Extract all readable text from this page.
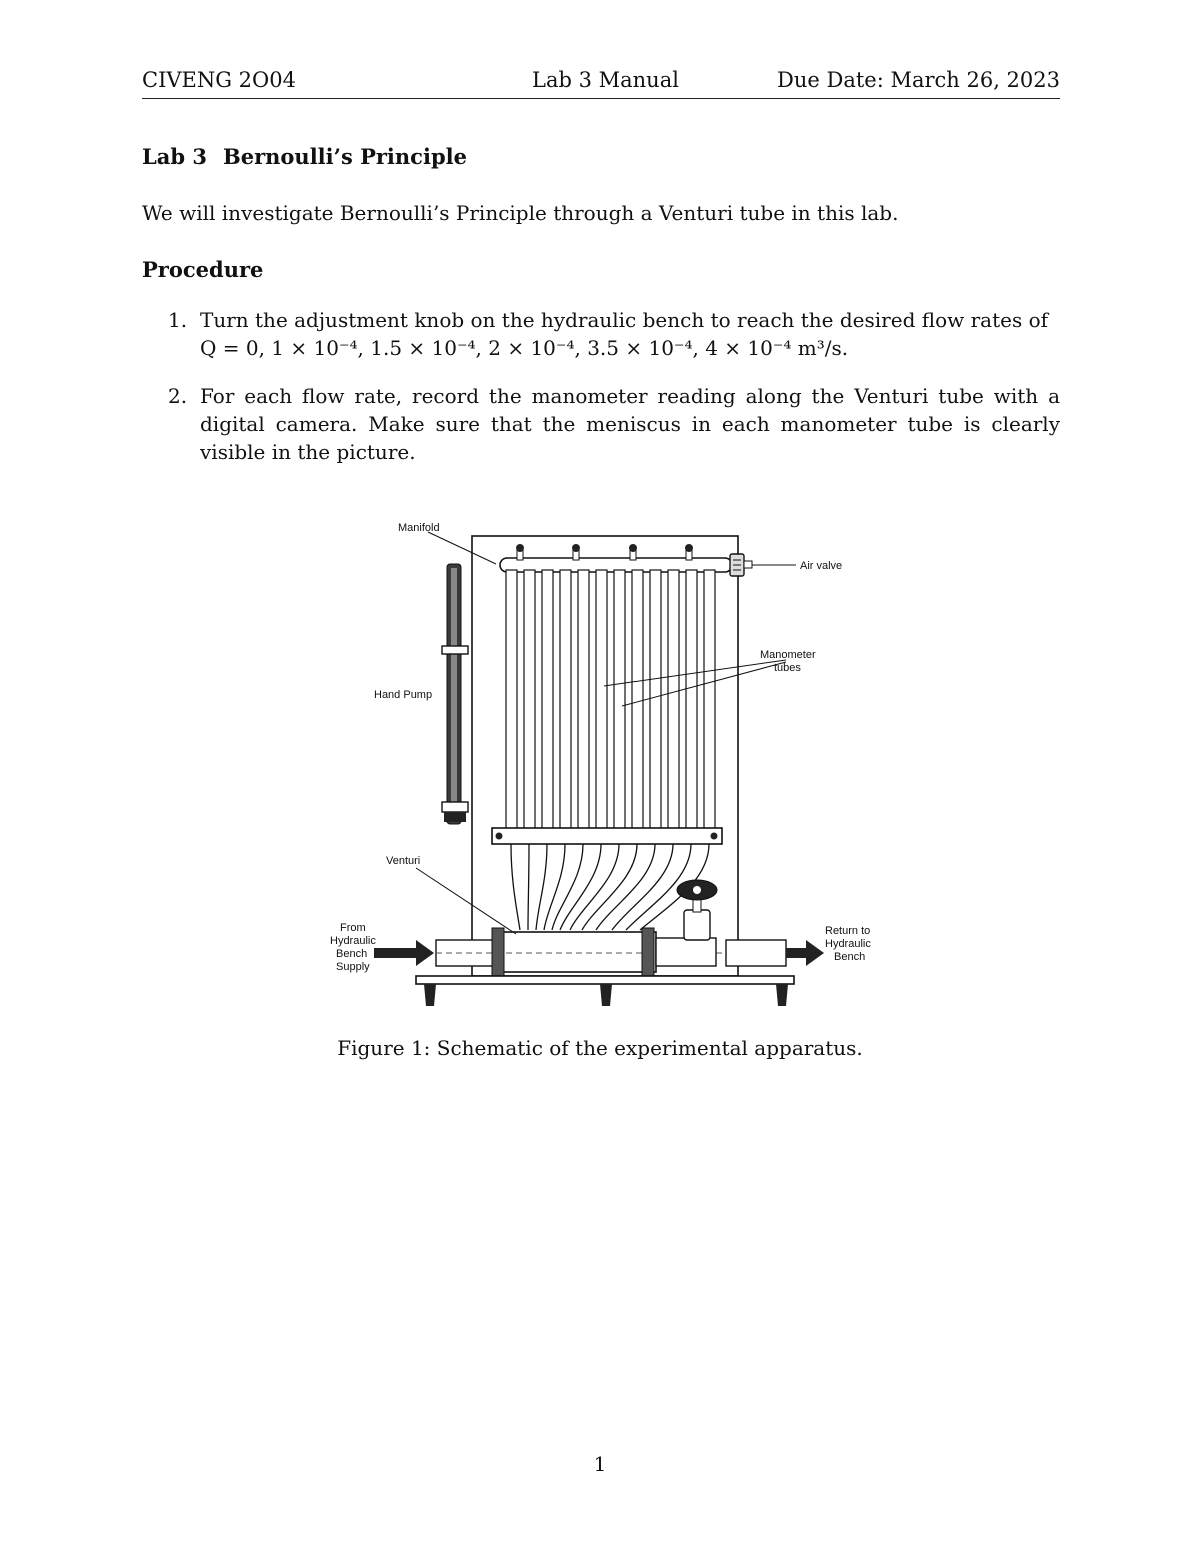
CIVENG 2O04	Lab 3 Manual	Due Date: March 26, 2023
Lab 3 Bernoulli’s Principle
We will investigate Bernoulli’s Principle through a Venturi tube in this lab.
Procedure
1. Turn the adjustment knob on the hydraulic bench to reach the desired flow rates of
Q = 0, 1 × 10⁻⁴, 1.5 × 10⁻⁴, 2 × 10⁻⁴, 3.5 × 10⁻⁴, 4 × 10⁻⁴ m³/s.

2. For each flow rate, record the manometer reading along the Venturi tube with a digital camera. Make sure that the meniscus in each manometer tube is clearly visible in the picture.

Manifold
Air valve
Manometer
tubes
Hand Pump
Venturi
From
Hydraulic
Bench
Supply
Return to
Hydraulic
Bench
Figure 1: Schematic of the experimental apparatus.
1
